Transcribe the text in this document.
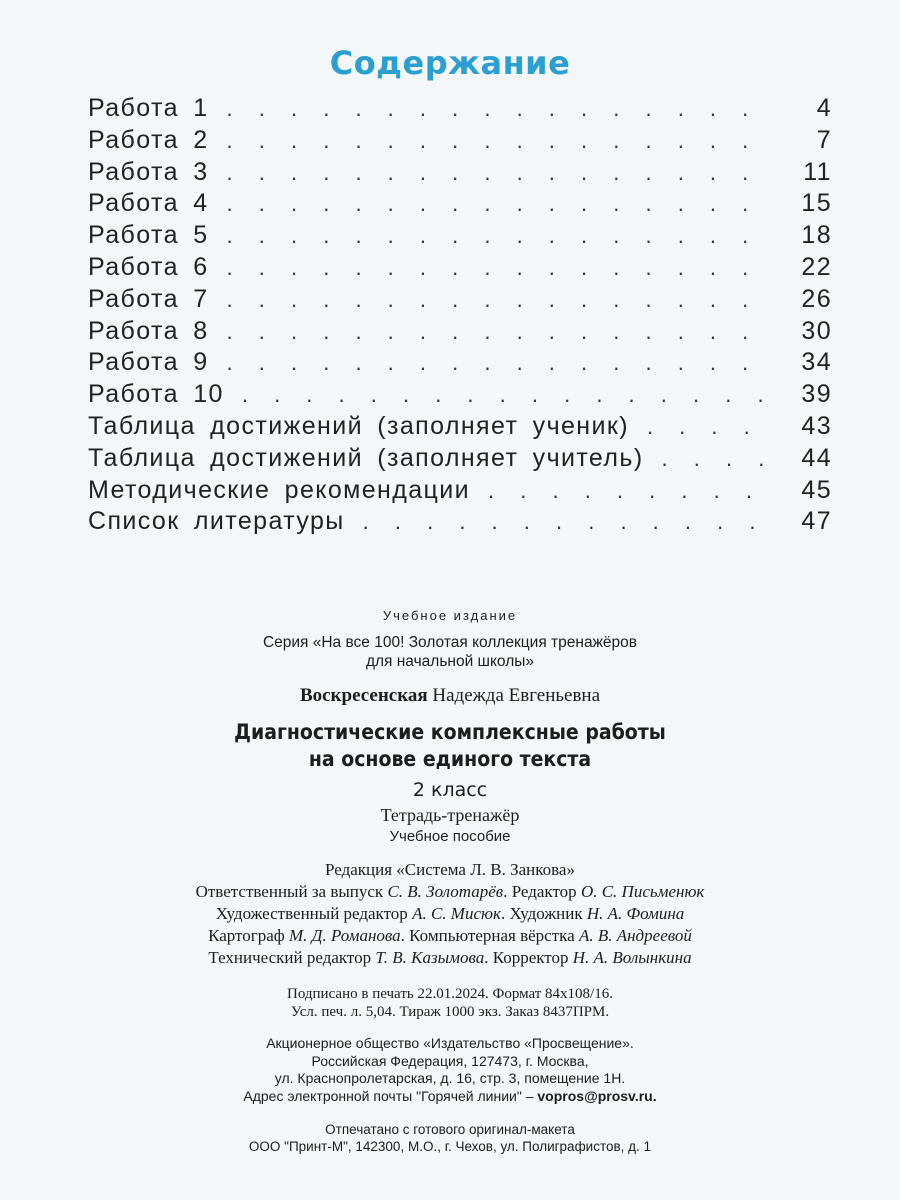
Содержание
Работа 1 . . .	4
Работа 2 . . .	7
Работа 3 . . .	11
Работа 4 . . .	15
Работа 5 . . .	18
Работа 6 . . .	22
Работа 7 . . .	26
Работа 8 . . .	30
Работа 9 . . .	34
Работа 10 . . .	39
Таблица достижений (заполняет ученик) . . .	43
Таблица достижений (заполняет учитель) . . .	44
Методические рекомендации . . .	45
Список литературы . . .	47
Учебное издание
Серия «На все 100! Золотая коллекция тренажёров
для начальной школы»
Воскресенская Надежда Евгеньевна
Диагностические комплексные работы
на основе единого текста
2 класс
Тетрадь-тренажёр
Учебное пособие
Редакция «Система Л. В. Занкова»
Ответственный за выпуск С. В. Золотарёв. Редактор О. С. Письменюк
Художественный редактор А. С. Мисюк. Художник Н. А. Фомина
Картограф М. Д. Романова. Компьютерная вёрстка А. В. Андреевой
Технический редактор Т. В. Казымова. Корректор Н. А. Волынкина
Подписано в печать 22.01.2024. Формат 84x108/16.
Усл. печ. л. 5,04. Тираж 1000 экз. Заказ 8437ПРМ.
Акционерное общество «Издательство «Просвещение».
Российская Федерация, 127473, г. Москва,
ул. Краснопролетарская, д. 16, стр. 3, помещение 1Н.
Адрес электронной почты "Горячей линии" – vopros@prosv.ru.
Отпечатано с готового оригинал-макета
ООО "Принт-М", 142300, М.О., г. Чехов, ул. Полиграфистов, д. 1
